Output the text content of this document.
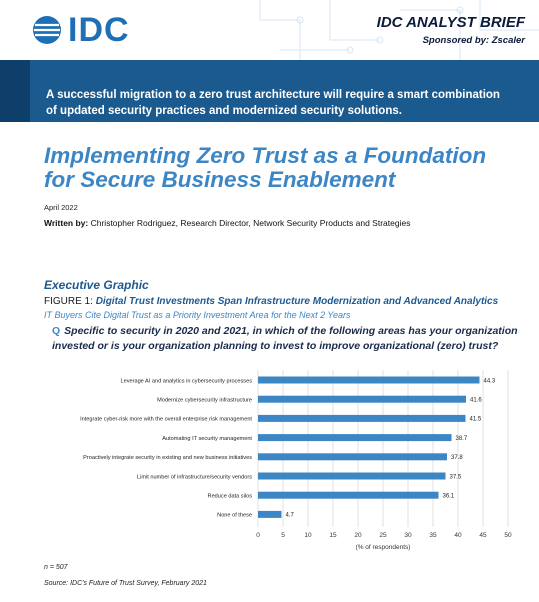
IDC	IDC ANALYST BRIEF
Sponsored by: Zscaler
A successful migration to a zero trust architecture will require a smart combination of updated security practices and modernized security solutions.
Implementing Zero Trust as a Foundation for Secure Business Enablement
April 2022
Written by: Christopher Rodriguez, Research Director, Network Security Products and Strategies
Executive Graphic
FIGURE 1: Digital Trust Investments Span Infrastructure Modernization and Advanced Analytics
IT Buyers Cite Digital Trust as a Priority Investment Area for the Next 2 Years
Q Specific to security in 2020 and 2021, in which of the following areas has your organization invested or is your organization planning to invest to improve organizational (zero) trust?
0	5	10	15	20	25	30	35	40	45	50
Leverage AI and analytics in cybersecurity processes	44.3
Modernize cybersecurity infrastructure	41.6
Integrate cyber-risk more with the overall enterprise risk management	41.5
Automating IT security management	38.7
Proactively integrate security in existing and new business initiatives	37.8
Limit number of infrastructure/security vendors	37.5
Reduce data silos	36.1
None of these	4.7
(% of respondents)
n = 507
Source: IDC's Future of Trust Survey, February 2021
